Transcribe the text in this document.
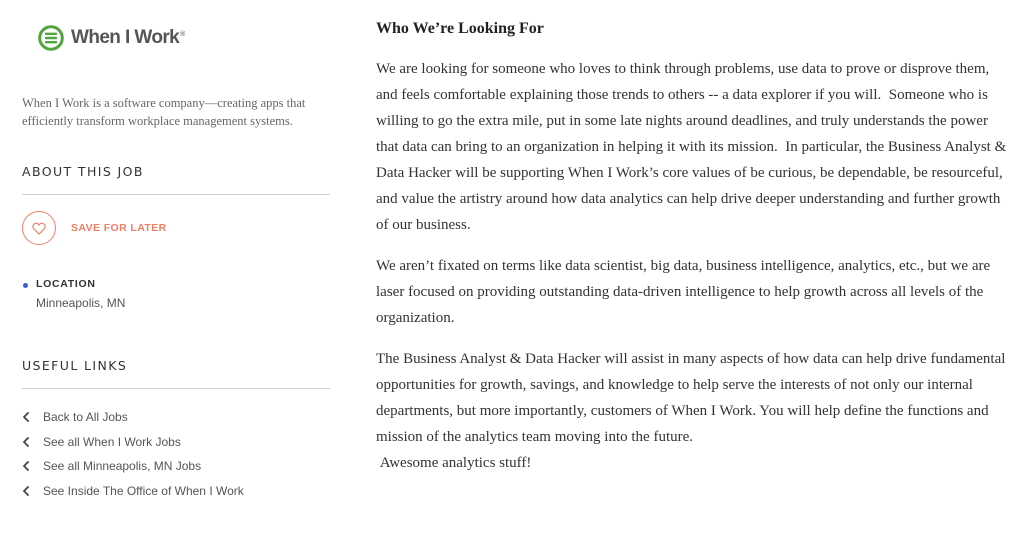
When I Work®

When I Work is a software company—creating apps that efficiently transform workplace management systems.

ABOUT THIS JOB
SAVE FOR LATER
LOCATION
Minneapolis, MN
USEFUL LINKS
Back to All Jobs
See all When I Work Jobs
See all Minneapolis, MN Jobs
See Inside The Office of When I Work
Who We’re Looking For

We are looking for someone who loves to think through problems, use data to prove or disprove them, and feels comfortable explaining those trends to others -- a data explorer if you will.  Someone who is willing to go the extra mile, put in some late nights around deadlines, and truly understands the power that data can bring to an organization in helping it with its mission.  In particular, the Business Analyst & Data Hacker will be supporting When I Work’s core values of be curious, be dependable, be resourceful, and value the artistry around how data analytics can help drive deeper understanding and further growth of our business.

We aren’t fixated on terms like data scientist, big data, business intelligence, analytics, etc., but we are laser focused on providing outstanding data-driven intelligence to help growth across all levels of the organization.

The Business Analyst & Data Hacker will assist in many aspects of how data can help drive fundamental opportunities for growth, savings, and knowledge to help serve the interests of not only our internal departments, but more importantly, customers of When I Work. You will help define the functions and mission of the analytics team moving into the future.
Awesome analytics stuff!
